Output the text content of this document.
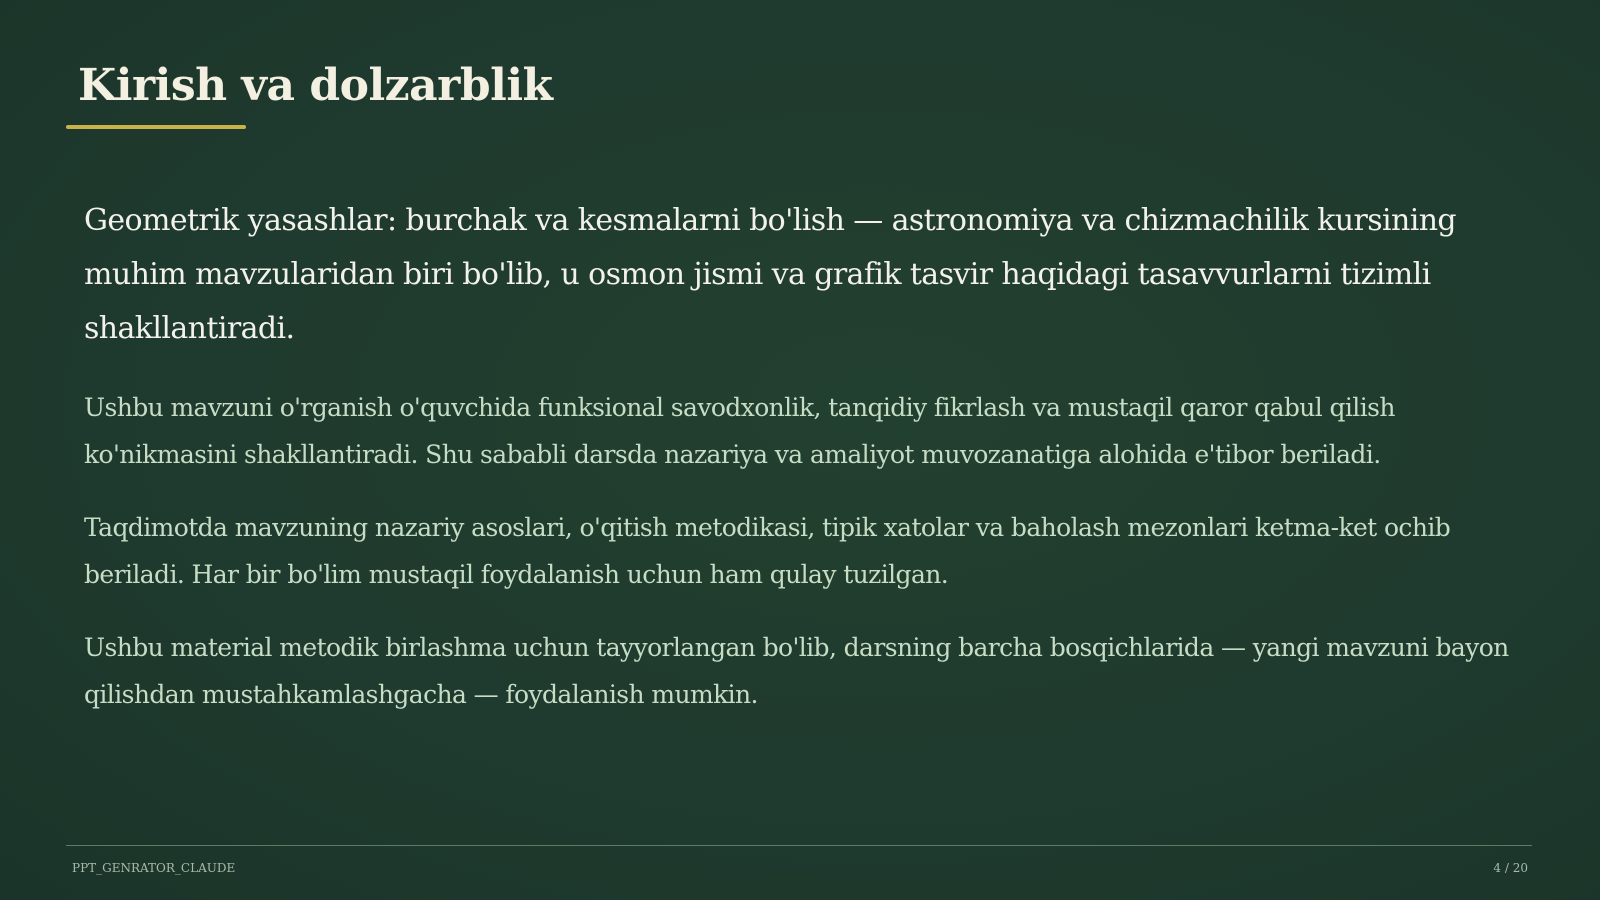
Kirish va dolzarblik

Geometrik yasashlar: burchak va kesmalarni bo'lish — astronomiya va chizmachilik kursining muhim mavzularidan biri bo'lib, u osmon jismi va grafik tasvir haqidagi tasavvurlarni tizimli shakllantiradi.

Ushbu mavzuni o'rganish o'quvchida funksional savodxonlik, tanqidiy fikrlash va mustaqil qaror qabul qilish ko'nikmasini shakllantiradi. Shu sababli darsda nazariya va amaliyot muvozanatiga alohida e'tibor beriladi.

Taqdimotda mavzuning nazariy asoslari, o'qitish metodikasi, tipik xatolar va baholash mezonlari ketma-ket ochib beriladi. Har bir bo'lim mustaqil foydalanish uchun ham qulay tuzilgan.

Ushbu material metodik birlashma uchun tayyorlangan bo'lib, darsning barcha bosqichlarida — yangi mavzuni bayon qilishdan mustahkamlashgacha — foydalanish mumkin.

PPT_GENRATOR_CLAUDE	4 / 20
